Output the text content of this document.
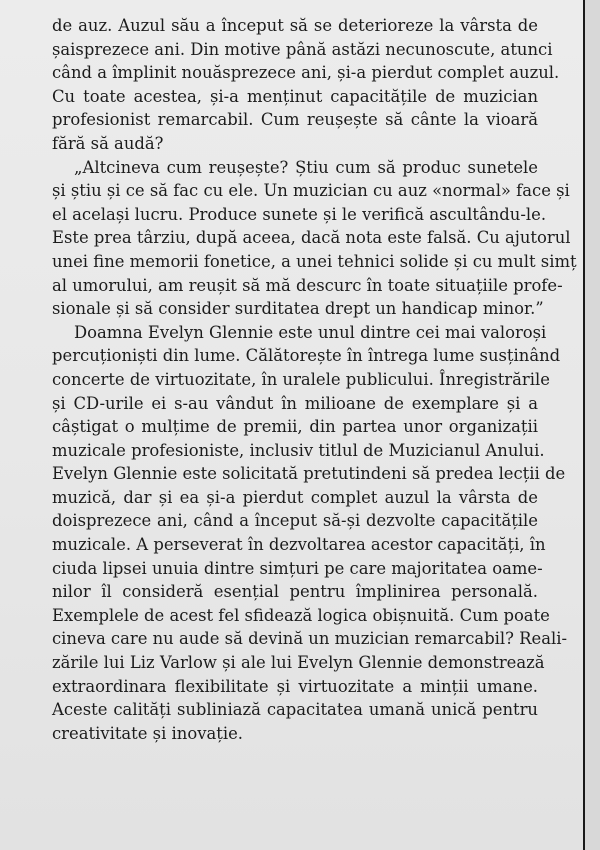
de auz. Auzul său a început să se deterioreze la vârsta de
șaisprezece ani. Din motive până astăzi necunoscute, atunci
când a împlinit nouăsprezece ani, și-a pierdut complet auzul.
Cu toate acestea, și-a menținut capacitățile de muzician
profesionist remarcabil. Cum reușește să cânte la vioară
fără să audă?

„Altcineva cum reușește? Știu cum să produc sunetele
și știu și ce să fac cu ele. Un muzician cu auz «normal» face și
el același lucru. Produce sunete și le verifică ascultându-le.
Este prea târziu, după aceea, dacă nota este falsă. Cu ajutorul
unei fine memorii fonetice, a unei tehnici solide și cu mult simț
al umorului, am reușit să mă descurc în toate situațiile profe-
sionale și să consider surditatea drept un handicap minor.”

Doamna Evelyn Glennie este unul dintre cei mai valoroși
percuționiști din lume. Călătorește în întrega lume susținând
concerte de virtuozitate, în uralele publicului. Înregistrările
și CD-urile ei s-au vândut în milioane de exemplare și a
câștigat o mulțime de premii, din partea unor organizații
muzicale profesioniste, inclusiv titlul de Muzicianul Anului.
Evelyn Glennie este solicitată pretutindeni să predea lecții de
muzică, dar și ea și-a pierdut complet auzul la vârsta de
doisprezece ani, când a început să-și dezvolte capacitățile
muzicale. A perseverat în dezvoltarea acestor capacități, în
ciuda lipsei unuia dintre simțuri pe care majoritatea oame-
nilor îl consideră esențial pentru împlinirea personală.
Exemplele de acest fel sfidează logica obișnuită. Cum poate
cineva care nu aude să devină un muzician remarcabil? Reali-
zările lui Liz Varlow și ale lui Evelyn Glennie demonstrează
extraordinara flexibilitate și virtuozitate a minții umane.
Aceste calități subliniază capacitatea umană unică pentru
creativitate și inovație.
